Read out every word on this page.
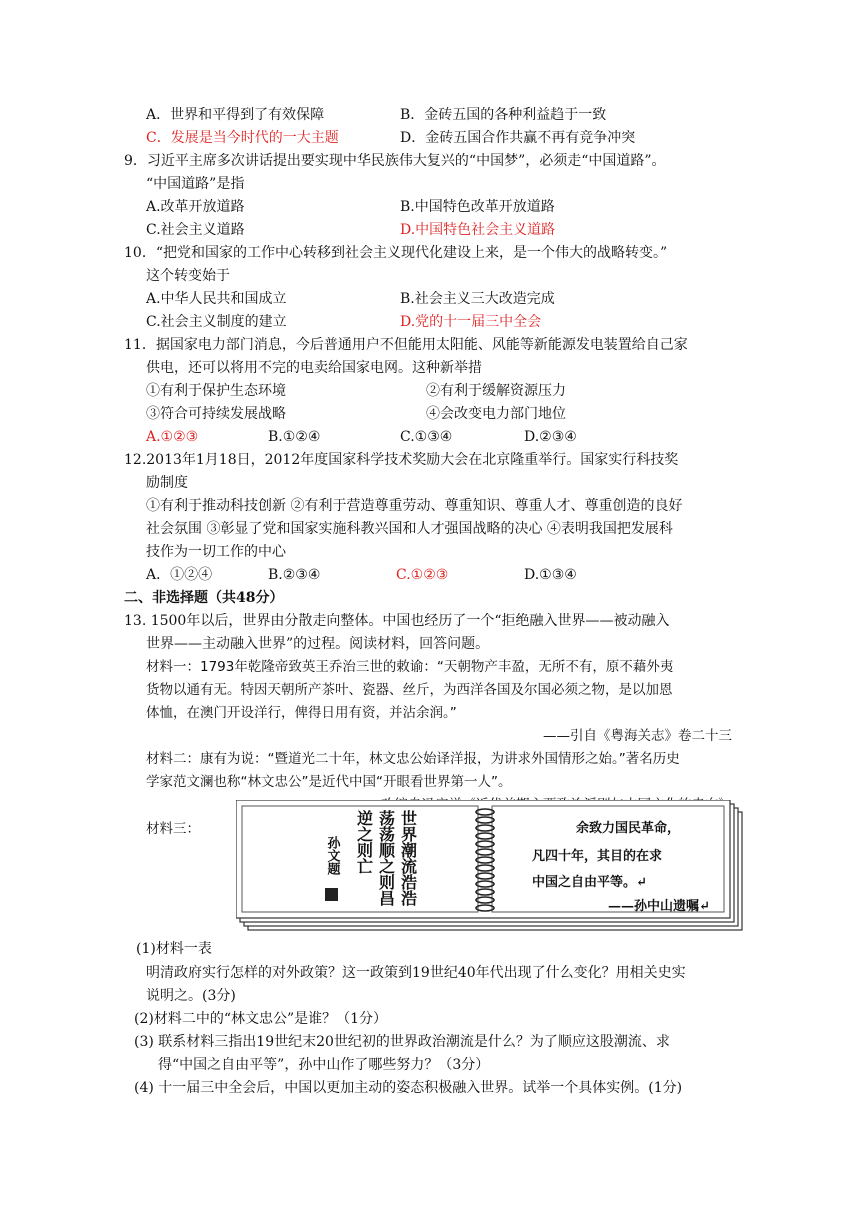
A．世界和平得到了有效保障	B．金砖五国的各种利益趋于一致
C．发展是当今时代的一大主题	D．金砖五国合作共赢不再有竞争冲突
9．习近平主席多次讲话提出要实现中华民族伟大复兴的“中国梦”，必须走“中国道路”。
“中国道路”是指
A.改革开放道路	B.中国特色改革开放道路
C.社会主义道路	D.中国特色社会主义道路
10．“把党和国家的工作中心转移到社会主义现代化建设上来，是一个伟大的战略转变。”
这个转变始于
A.中华人民共和国成立	B.社会主义三大改造完成
C.社会主义制度的建立	D.党的十一届三中全会
11．据国家电力部门消息，今后普通用户不但能用太阳能、风能等新能源发电装置给自己家
供电，还可以将用不完的电卖给国家电网。这种新举措
①有利于保护生态环境	②有利于缓解资源压力
③符合可持续发展战略	④会改变电力部门地位
A.①②③	B.①②④	C.①③④	D.②③④
12.2013年1月18日，2012年度国家科学技术奖励大会在北京隆重举行。国家实行科技奖
励制度
①有利于推动科技创新 ②有利于营造尊重劳动、尊重知识、尊重人才、尊重创造的良好
社会氛围 ③彰显了党和国家实施科教兴国和人才强国战略的决心 ④表明我国把发展科
技作为一切工作的中心
A．①②④	B.②③④	C.①②③	D.①③④
二、非选择题（共48分）
13. 1500年以后，世界由分散走向整体。中国也经历了一个“拒绝融入世界——被动融入
世界——主动融入世界”的过程。阅读材料，回答问题。
材料一：1793年乾隆帝致英王乔治三世的敕谕：“天朝物产丰盈，无所不有，原不藉外夷
货物以通有无。特因天朝所产茶叶、瓷器、丝斤，为西洋各国及尔国必须之物，是以加恩
体恤，在澳门开设洋行，俾得日用有资，并沾余润。”
——引自《粤海关志》卷二十三
材料二：康有为说：“暨道光二十年，林文忠公始译洋报，为讲求外国情形之始。”著名历史
学家范文澜也称“林文忠公”是近代中国“开眼看世界第一人”。
材料三：	世界潮流浩浩
荡荡顺之则昌
逆之则亡
孙文题
余致力国民革命，
凡四十年，其目的在求
中国之自由平等。↵
——孙中山遗嘱↵
(1)材料一表
明清政府实行怎样的对外政策？这一政策到19世纪40年代出现了什么变化？用相关史实
说明之。(3分)
(2)材料二中的“林文忠公”是谁？（1分）
(3) 联系材料三指出19世纪末20世纪初的世界政治潮流是什么？为了顺应这股潮流、求
得“中国之自由平等”，孙中山作了哪些努力？（3分）
(4) 十一届三中全会后，中国以更加主动的姿态积极融入世界。试举一个具体实例。(1分)
